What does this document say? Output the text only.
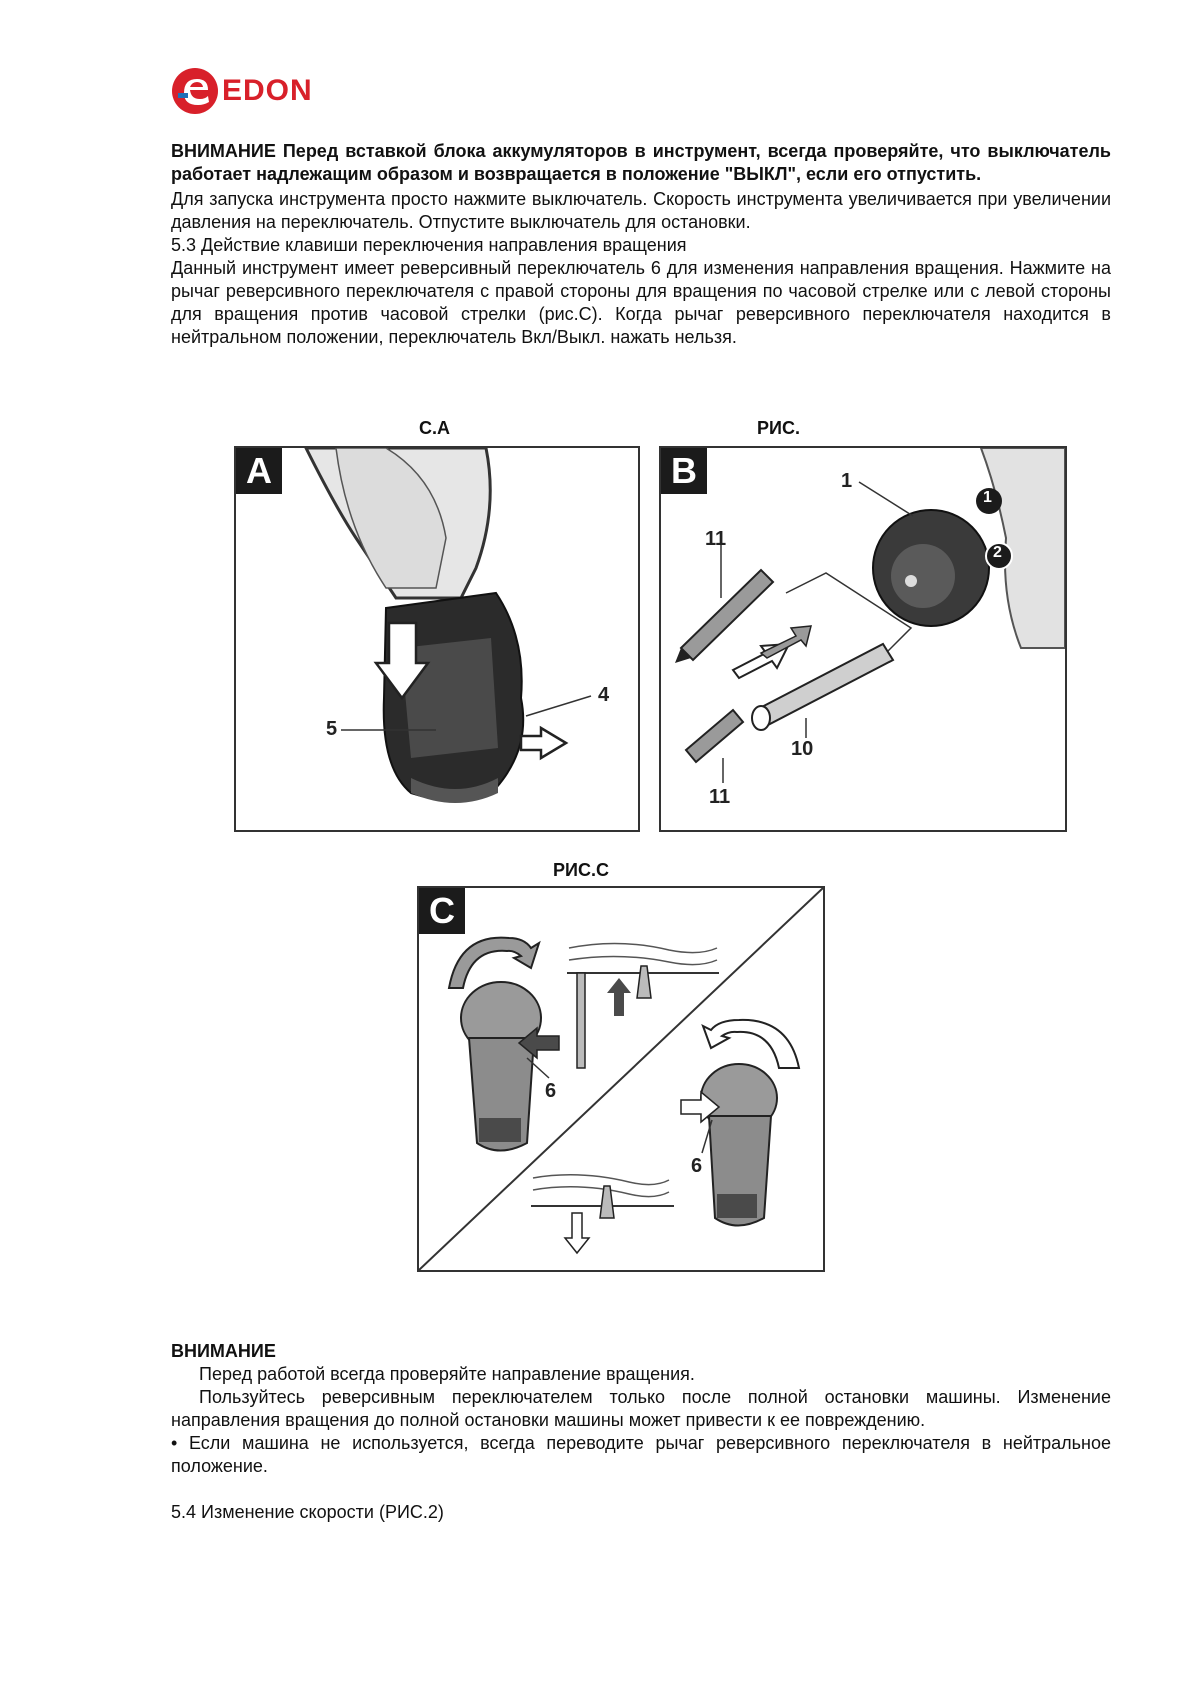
EDON

ВНИМАНИЕ Перед вставкой блока аккумуляторов в инструмент, всегда проверяйте, что выключатель работает надлежащим образом и возвращается в положение "ВЫКЛ", если его отпустить.

Для запуска инструмента просто нажмите выключатель. Скорость инструмента увеличивается при увеличении давления на переключатель. Отпустите выключатель для остановки.

5.3 Действие клавиши переключения направления вращения

Данный инструмент имеет реверсивный переключатель 6 для изменения направления вращения. Нажмите на рычаг реверсивного переключателя с правой стороны для вращения по часовой стрелке или с левой стороны для вращения против часовой стрелки (рис.С). Когда рычаг реверсивного переключателя находится в нейтральном положении, переключатель Вкл/Выкл. нажать нельзя.

С.А	РИС.
РИС.С
A
5
4
B	1
11
10
11
1
2
C
6
6

ВНИМАНИЕ

Перед работой всегда проверяйте направление вращения.

Пользуйтесь реверсивным переключателем только после полной остановки машины. Изменение направления вращения до полной остановки машины может привести к ее повреждению.

• Если машина не используется, всегда переводите рычаг реверсивного переключателя в нейтральное положение.

5.4 Изменение скорости (РИС.2)
